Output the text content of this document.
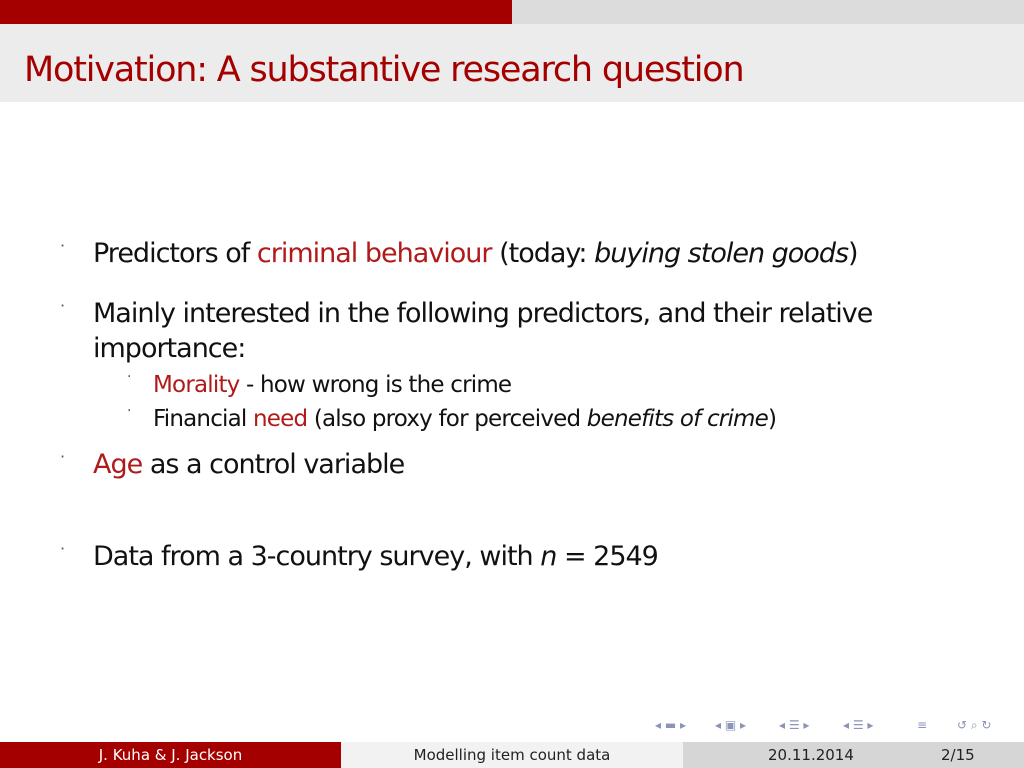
Motivation: A substantive research question
· Predictors of criminal behaviour (today: buying stolen goods)
· Mainly interested in the following predictors, and their relative
importance:
· Morality - how wrong is the crime
· Financial need (also proxy for perceived benefits of crime)
· Age as a control variable
· Data from a 3-country survey, with n = 2549
◂ ▬ ▸ ◂ ▣ ▸	◂ ☰ ▸	◂ ☰ ▸	≡ ↺ ⌕ ↻
J. Kuha & J. Jackson	Modelling item count data	20.11.2014	2/15
